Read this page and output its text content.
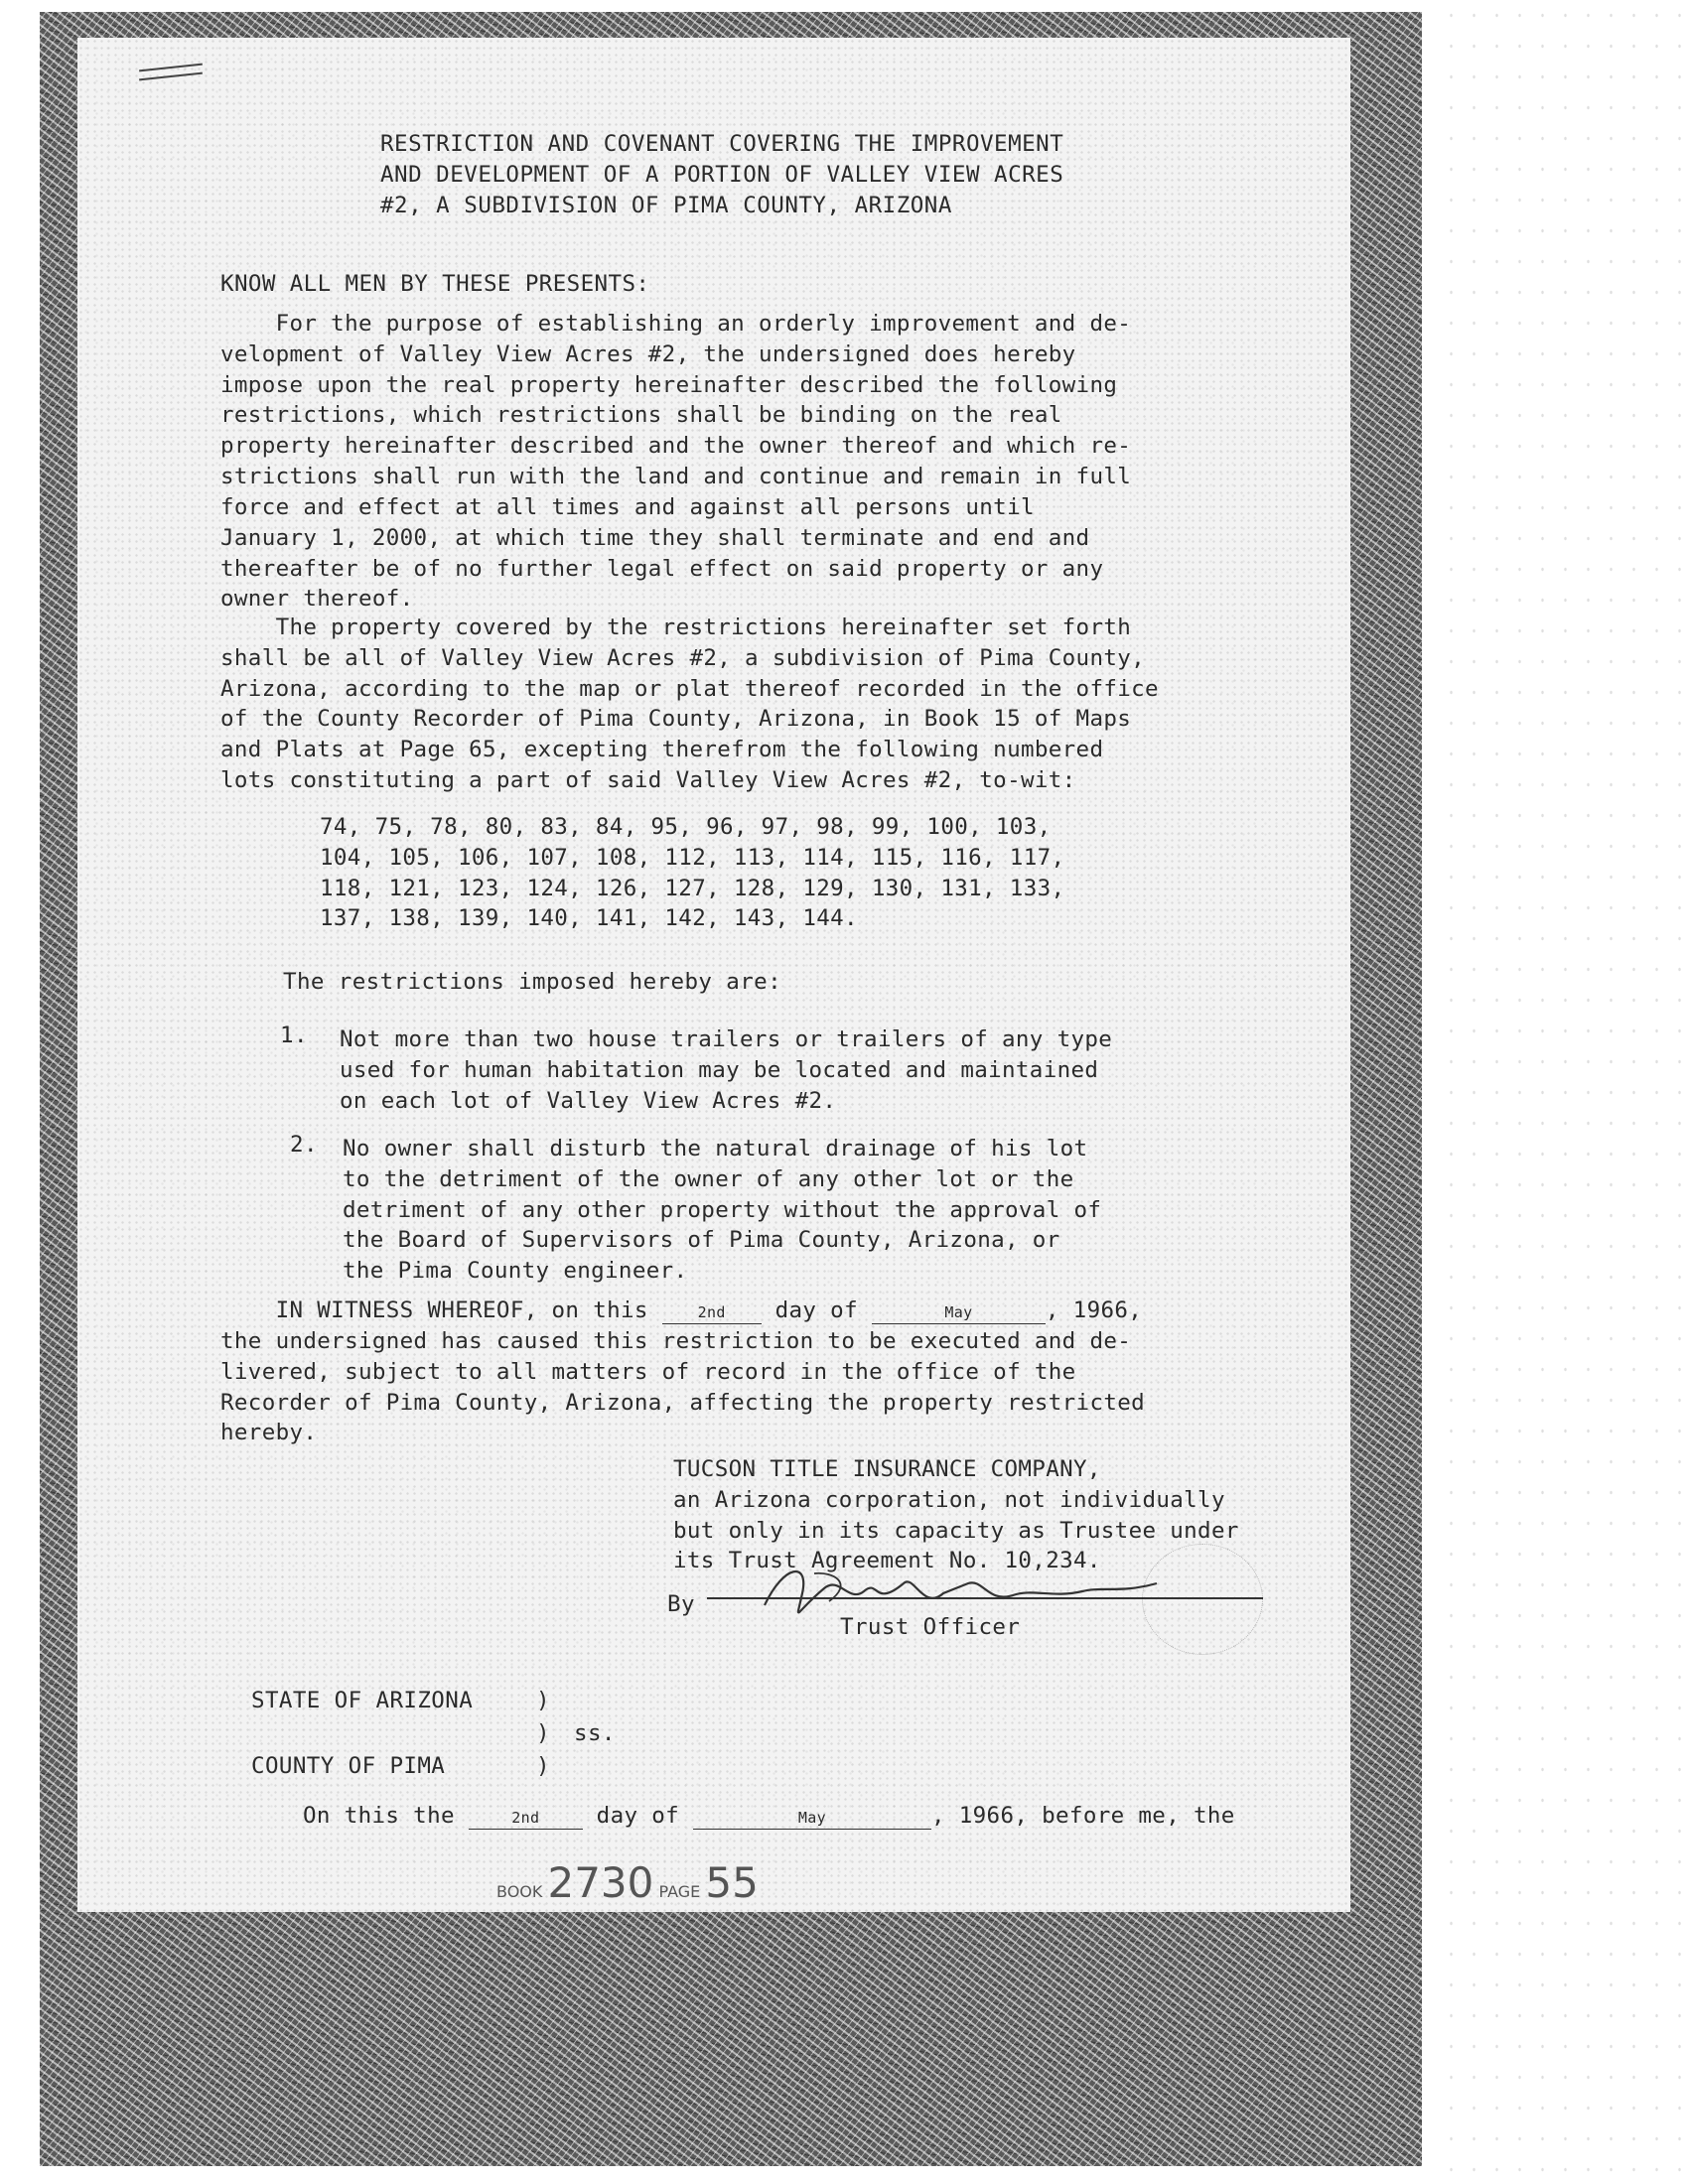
RESTRICTION AND COVENANT COVERING THE IMPROVEMENT
AND DEVELOPMENT OF A PORTION OF VALLEY VIEW ACRES
#2, A SUBDIVISION OF PIMA COUNTY, ARIZONA
KNOW ALL MEN BY THESE PRESENTS:
For the purpose of establishing an orderly improvement and de-
velopment of Valley View Acres #2, the undersigned does hereby
impose upon the real property hereinafter described the following
restrictions, which restrictions shall be binding on the real
property hereinafter described and the owner thereof and which re-
strictions shall run with the land and continue and remain in full
force and effect at all times and against all persons until
January 1, 2000, at which time they shall terminate and end and
thereafter be of no further legal effect on said property or any
owner thereof.
The property covered by the restrictions hereinafter set forth
shall be all of Valley View Acres #2, a subdivision of Pima County,
Arizona, according to the map or plat thereof recorded in the office
of the County Recorder of Pima County, Arizona, in Book 15 of Maps
and Plats at Page 65, excepting therefrom the following numbered
lots constituting a part of said Valley View Acres #2, to-wit:
74, 75, 78, 80, 83, 84, 95, 96, 97, 98, 99, 100, 103,
104, 105, 106, 107, 108, 112, 113, 114, 115, 116, 117,
118, 121, 123, 124, 126, 127, 128, 129, 130, 131, 133,
137, 138, 139, 140, 141, 142, 143, 144.
The restrictions imposed hereby are:
1. Not more than two house trailers or trailers of any type
used for human habitation may be located and maintained
on each lot of Valley View Acres #2.
2. No owner shall disturb the natural drainage of his lot
to the detriment of the owner of any other lot or the
detriment of any other property without the approval of
the Board of Supervisors of Pima County, Arizona, or
the Pima County engineer.
IN WITNESS WHEREOF, on this	2nd day of	May	, 1966,
the undersigned has caused this restriction to be executed and de-
livered, subject to all matters of record in the office of the
Recorder of Pima County, Arizona, affecting the property restricted
hereby.
TUCSON TITLE INSURANCE COMPANY,
an Arizona corporation, not individually
but only in its capacity as Trustee under
its Trust Agreement No. 10,234.
By
Trust Officer
STATE OF ARIZONA	)
) ss.
COUNTY OF PIMA	)
On this the	2nd	day of	May	, 1966, before me, the
BOOK 2730 PAGE 55
